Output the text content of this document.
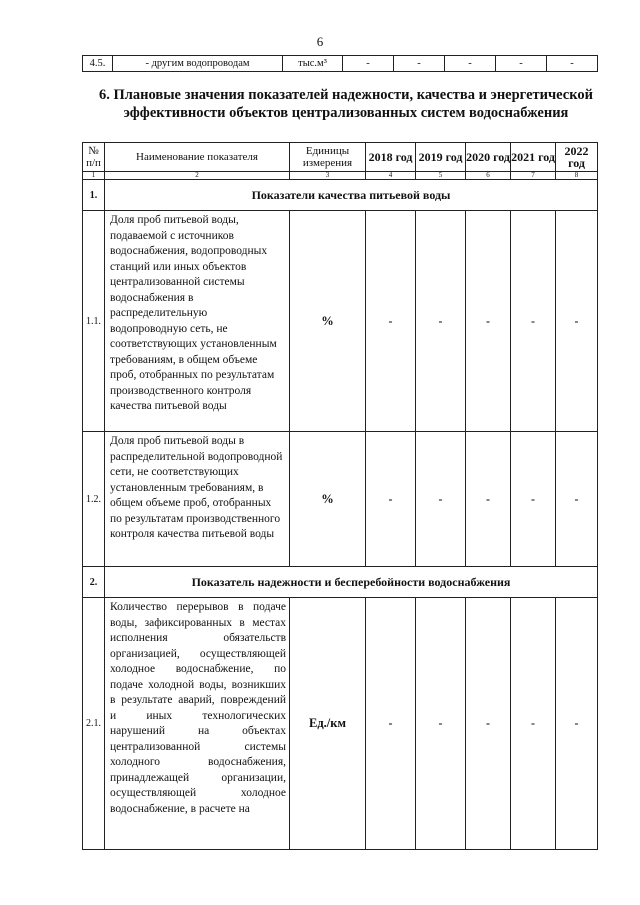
6
4.5.	- другим водопроводам	тыс.м³	-	-	-	-	-
6. Плановые значения показателей надежности, качества и энергетической эффективности объектов централизованных систем водоснабжения
№ п/п	Наименование показателя	Единицы измерения	2018 год	2019 год	2020 год	2021 год	2022 год
1	2	3	4	5	6	7	8
1.	Показатели качества питьевой воды						
1.1.	Доля проб питьевой воды, подаваемой с источников водоснабжения, водопроводных станций или иных объектов централизованной системы водоснабжения в распределительную водопроводную сеть, не соответствующих установленным требованиям, в общем объеме проб, отобранных по результатам производственного контроля качества питьевой воды	%	-	-	-	-	-
1.2.	Доля проб питьевой воды в распределительной водопроводной сети, не соответствующих установленным требованиям, в общем объеме проб, отобранных по результатам производственного контроля качества питьевой воды	%	-	-	-	-	-
2.	Показатель надежности и бесперебойности водоснабжения						
2.1.	Количество перерывов в подаче воды, зафиксированных в местах исполнения обязательств организацией, осуществляющей холодное водоснабжение, по подаче холодной воды, возникших в результате аварий, повреждений и иных технологических нарушений на объектах централизованной системы холодного водоснабжения, принадлежащей организации, осуществляющей холодное водоснабжение, в расчете на	Ед./км	-	-	-	-	-
